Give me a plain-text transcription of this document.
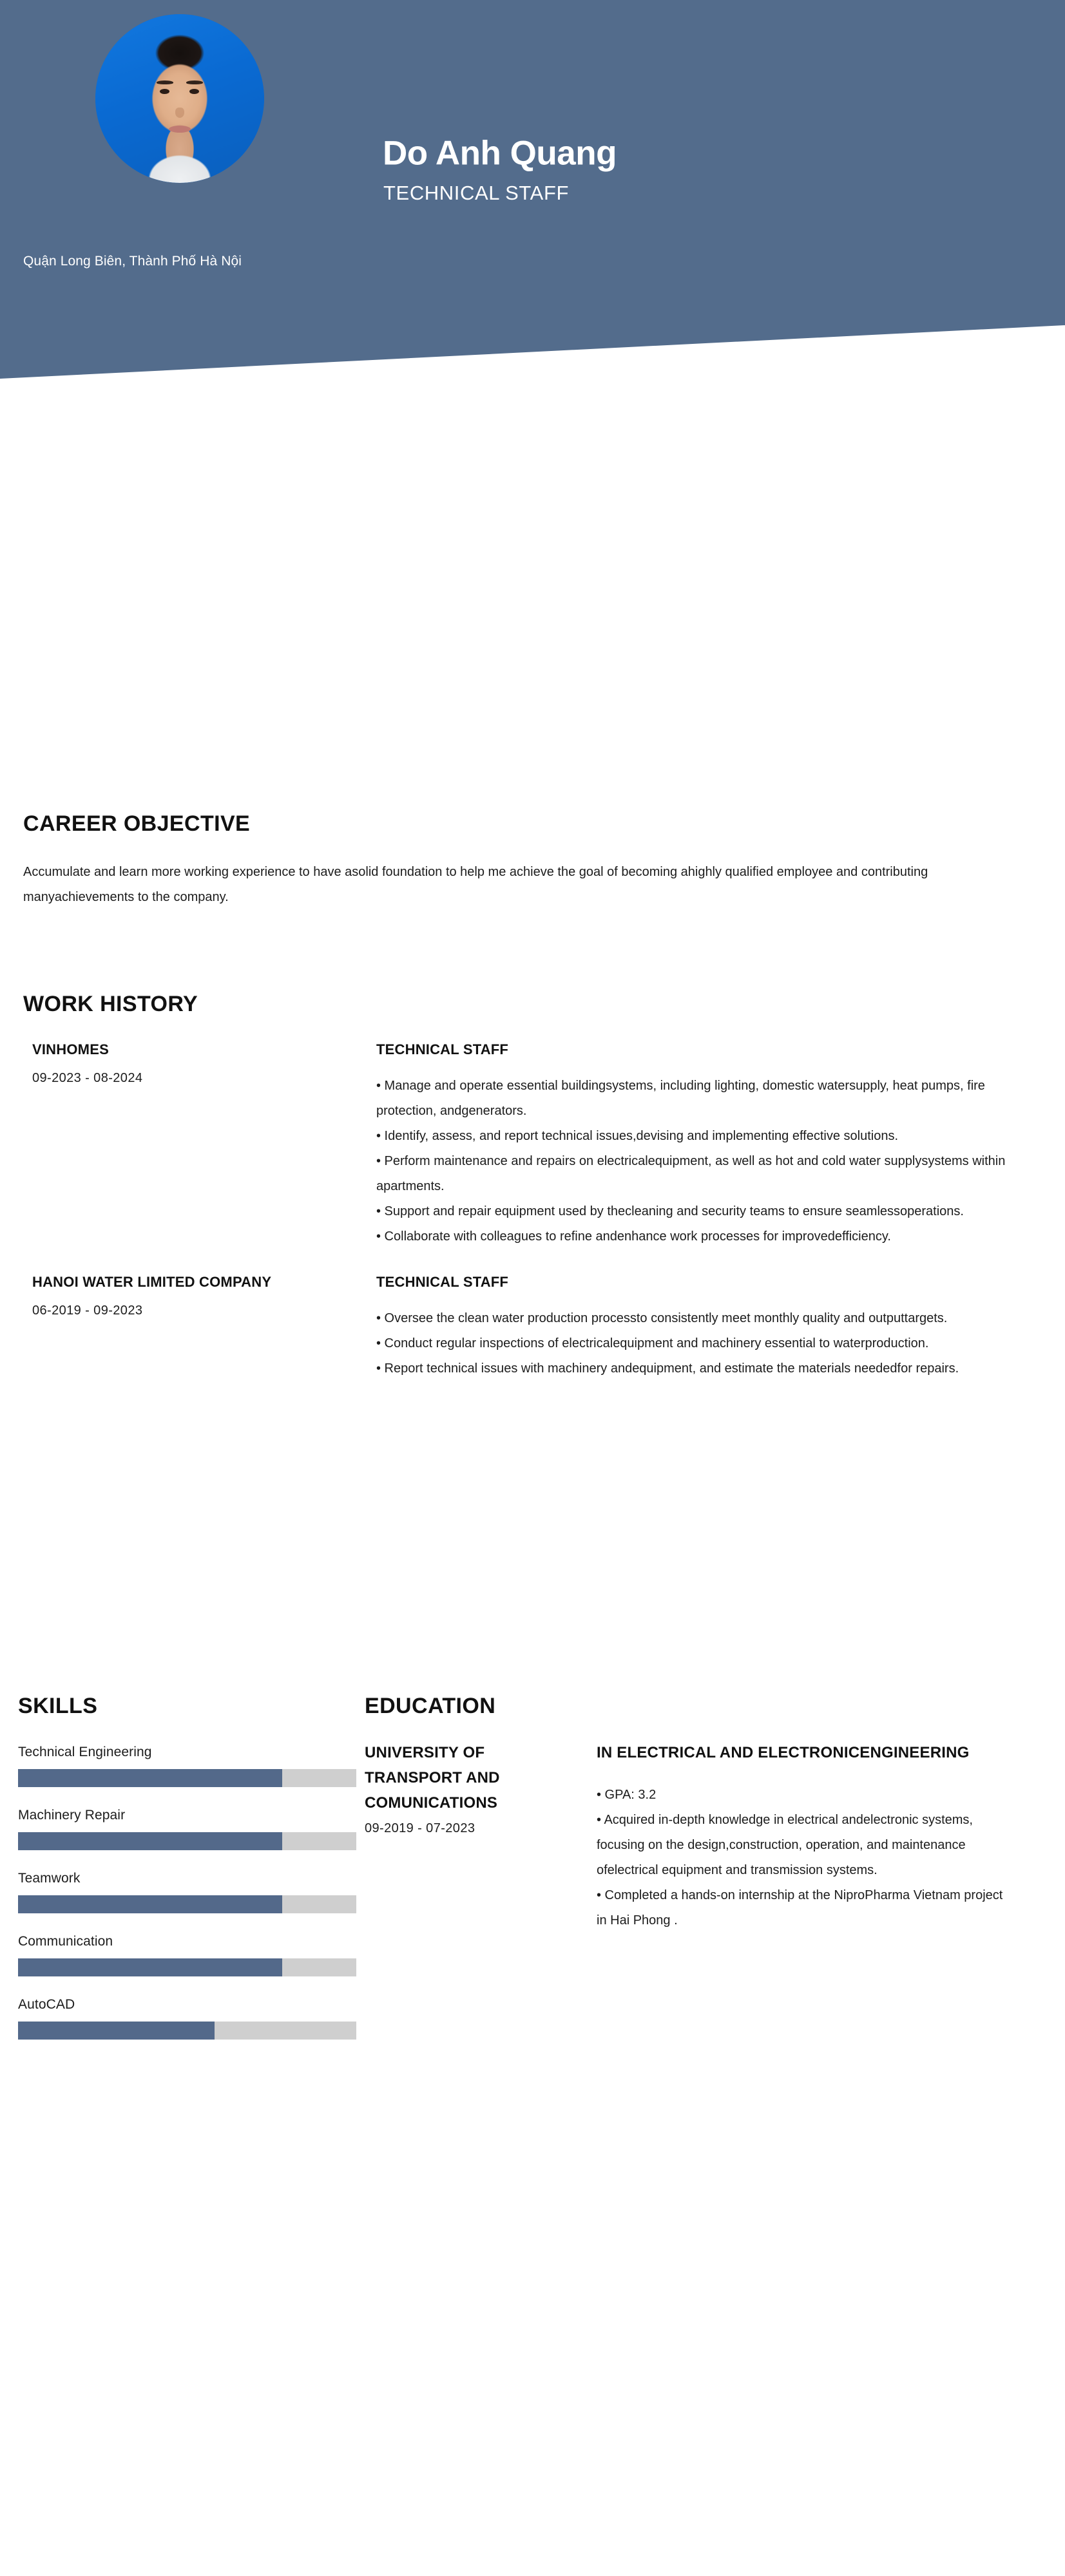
Do Anh Quang
TECHNICAL STAFF
Quận Long Biên, Thành Phố Hà Nội
CAREER OBJECTIVE
Accumulate and learn more working experience to have asolid foundation to help me achieve the goal of becoming ahighly qualified employee and contributing manyachievements to the company.
WORK HISTORY
VINHOMES
09-2023 - 08-2024
TECHNICAL STAFF
• Manage and operate essential buildingsystems, including lighting, domestic watersupply, heat pumps, fire protection, andgenerators.
• Identify, assess, and report technical issues,devising and implementing effective solutions.
• Perform maintenance and repairs on electricalequipment, as well as hot and cold water supplysystems within apartments.
• Support and repair equipment used by thecleaning and security teams to ensure seamlessoperations.
• Collaborate with colleagues to refine andenhance work processes for improvedefficiency.
HANOI WATER LIMITED COMPANY
06-2019 - 09-2023
TECHNICAL STAFF
• Oversee the clean water production processto consistently meet monthly quality and outputtargets.
• Conduct regular inspections of electricalequipment and machinery essential to waterproduction.
• Report technical issues with machinery andequipment, and estimate the materials neededfor repairs.
SKILLS
Technical Engineering
Machinery Repair
Teamwork
Communication
AutoCAD
EDUCATION
UNIVERSITY OF TRANSPORT AND COMUNICATIONS
09-2019 - 07-2023
IN ELECTRICAL AND ELECTRONICENGINEERING
• GPA: 3.2
• Acquired in-depth knowledge in electrical andelectronic systems, focusing on the design,construction, operation, and maintenance ofelectrical equipment and transmission systems.
• Completed a hands-on internship at the NiproPharma Vietnam project in Hai Phong .
